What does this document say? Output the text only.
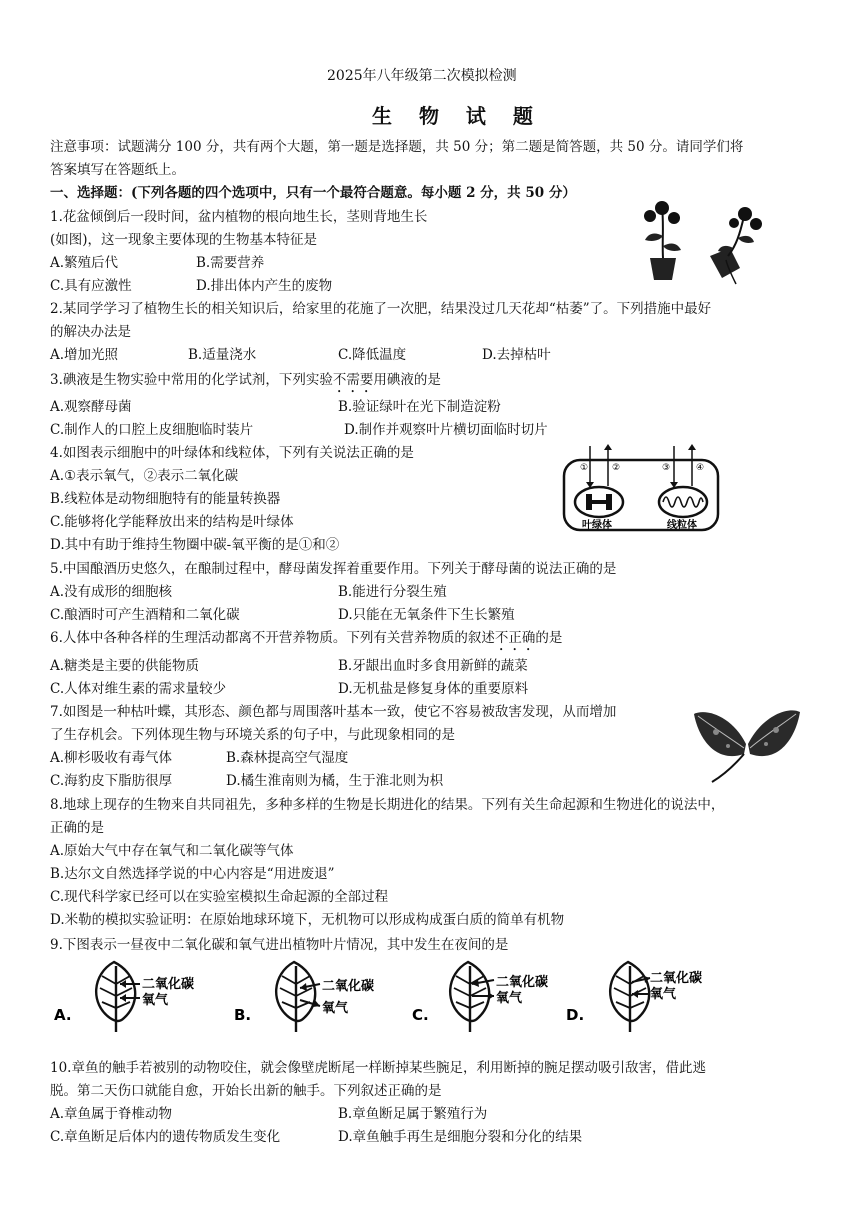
2025年八年级第二次模拟检测
生 物 试 题
注意事项：试题满分 100 分，共有两个大题，第一题是选择题，共 50 分；第二题是简答题，共 50 分。请同学们将
答案填写在答题纸上。
一、选择题：(下列各题的四个选项中，只有一个最符合题意。每小题 2 分，共 50 分）
1.花盆倾倒后一段时间，盆内植物的根向地生长，茎则背地生长
(如图)，这一现象主要体现的生物基本特征是
A.繁殖后代	B.需要营养
C.具有应激性	D.排出体内产生的废物
2.某同学学习了植物生长的相关知识后，给家里的花施了一次肥，结果没过几天花却“枯萎”了。下列措施中最好
的解决办法是
A.增加光照	B.适量浇水	C.降低温度	D.去掉枯叶
3.碘液是生物实验中常用的化学试剂，下列实验不需要用碘液的是
A.观察酵母菌	B.验证绿叶在光下制造淀粉
C.制作人的口腔上皮细胞临时装片	D.制作并观察叶片横切面临时切片
4.如图表示细胞中的叶绿体和线粒体，下列有关说法正确的是
A.①表示氧气，②表示二氧化碳
B.线粒体是动物细胞特有的能量转换器
C.能够将化学能释放出来的结构是叶绿体
D.其中有助于维持生物圈中碳-氧平衡的是①和②
①	②	③	④
叶绿体	线粒体
5.中国酿酒历史悠久，在酿制过程中，酵母菌发挥着重要作用。下列关于酵母菌的说法正确的是
A.没有成形的细胞核	B.能进行分裂生殖
C.酿酒时可产生酒精和二氧化碳	D.只能在无氧条件下生长繁殖
6.人体中各种各样的生理活动都离不开营养物质。下列有关营养物质的叙述不正确的是
A.糖类是主要的供能物质	B.牙龈出血时多食用新鲜的蔬菜
C.人体对维生素的需求量较少	D.无机盐是修复身体的重要原料
7.如图是一种枯叶蝶，其形态、颜色都与周围落叶基本一致，使它不容易被敌害发现，从而增加
了生存机会。下列体现生物与环境关系的句子中，与此现象相同的是
A.柳杉吸收有毒气体	B.森林提高空气湿度
C.海豹皮下脂肪很厚	D.橘生淮南则为橘，生于淮北则为枳
8.地球上现存的生物来自共同祖先，多种多样的生物是长期进化的结果。下列有关生命起源和生物进化的说法中，
正确的是
A.原始大气中存在氧气和二氧化碳等气体
B.达尔文自然选择学说的中心内容是“用进废退”
C.现代科学家已经可以在实验室模拟生命起源的全部过程
D.米勒的模拟实验证明：在原始地球环境下，无机物可以形成构成蛋白质的简单有机物
9.下图表示一昼夜中二氧化碳和氧气进出植物叶片情况，其中发生在夜间的是
A.
二氧化碳
氧气
B.
二氧化碳
氧气	C.
二氧化碳
氧气
D.
二氧化碳
氧气
10.章鱼的触手若被别的动物咬住，就会像壁虎断尾一样断掉某些腕足，利用断掉的腕足摆动吸引敌害，借此逃
脱。第二天伤口就能自愈，开始长出新的触手。下列叙述正确的是
A.章鱼属于脊椎动物	B.章鱼断足属于繁殖行为
C.章鱼断足后体内的遗传物质发生变化	D.章鱼触手再生是细胞分裂和分化的结果
